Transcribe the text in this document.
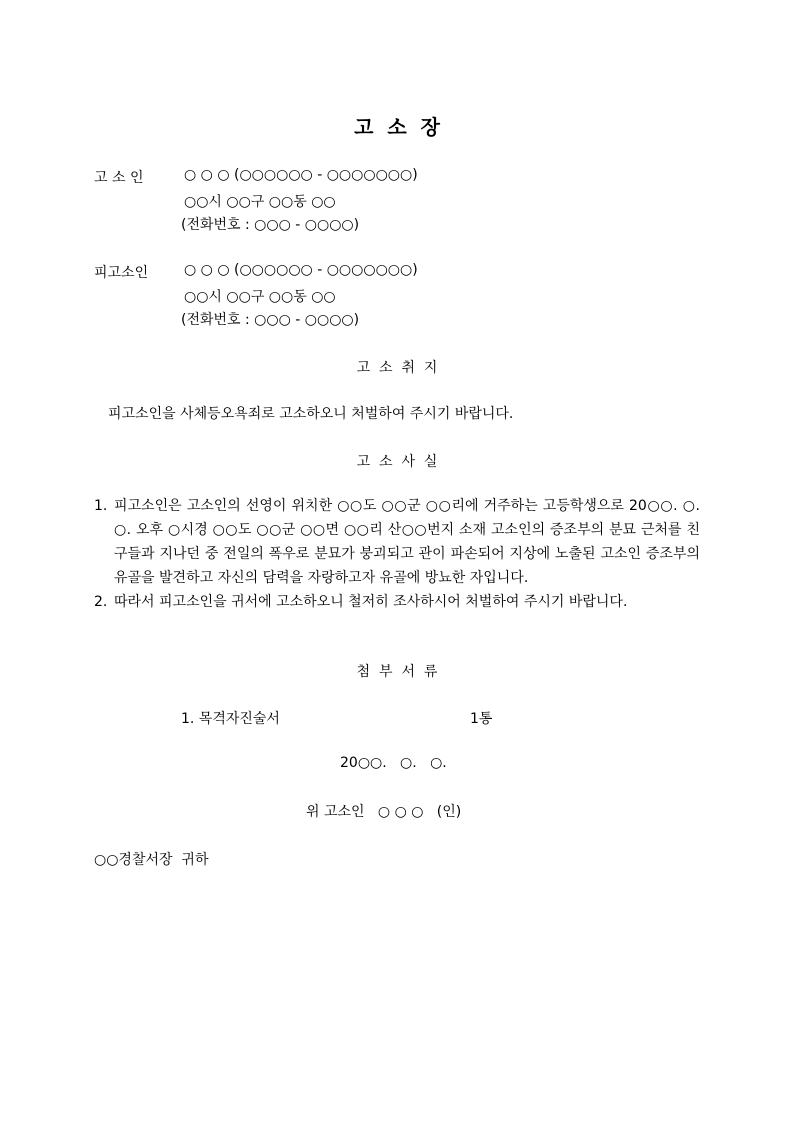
고  소  장
고 소 인	○ ○ ○ (○○○○○○ - ○○○○○○○)
○○시 ○○구 ○○동 ○○
(전화번호 : ○○○ - ○○○○)
피고소인	○ ○ ○ (○○○○○○ - ○○○○○○○)
○○시 ○○구 ○○동 ○○
(전화번호 : ○○○ - ○○○○)
고  소  취  지
피고소인을 사체등오욕죄로 고소하오니 처벌하여 주시기 바랍니다.
고  소  사  실
1. 피고소인은 고소인의 선영이 위치한 ○○도 ○○군 ○○리에 거주하는 고등학생으로 20○○. ○. ○. 오후 ○시경 ○○도 ○○군 ○○면 ○○리 산○○번지 소재 고소인의 증조부의 분묘 근처를 친구들과 지나던 중 전일의 폭우로 분묘가 붕괴되고 관이 파손되어 지상에 노출된 고소인 증조부의 유골을 발견하고 자신의 담력을 자랑하고자 유골에 방뇨한 자입니다.
2. 따라서 피고소인을 귀서에 고소하오니 철저히 조사하시어 처벌하여 주시기 바랍니다.
첨  부  서  류
1. 목격자진술서	1통
20○○.   ○.   ○.
위 고소인   ○ ○ ○   (인)
○○경찰서장  귀하
